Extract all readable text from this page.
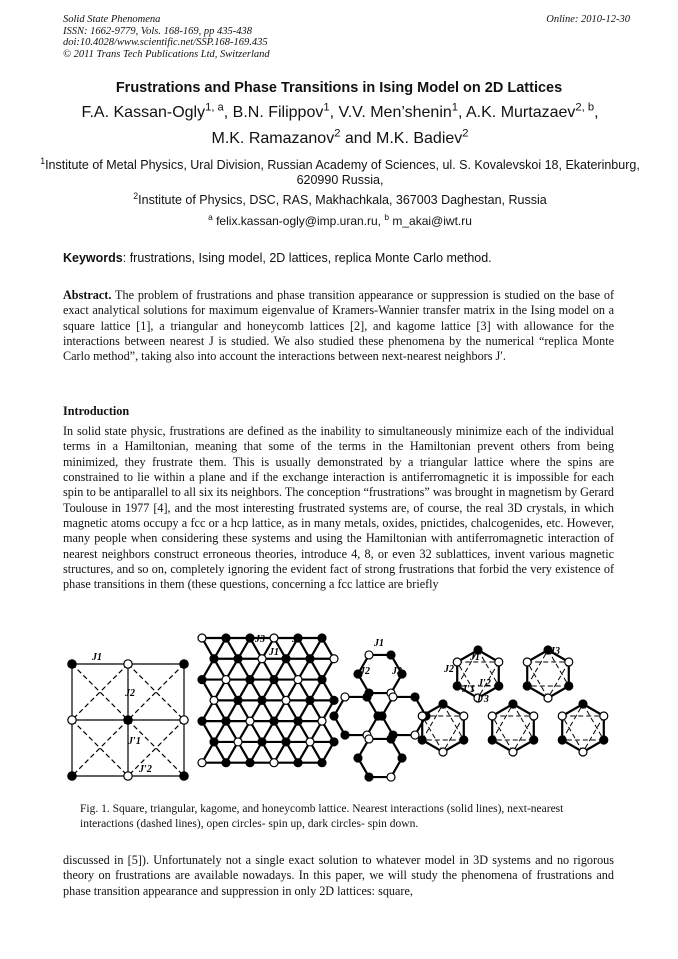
Solid State Phenomena
ISSN: 1662-9779, Vols. 168-169, pp 435-438
doi:10.4028/www.scientific.net/SSP.168-169.435
© 2011 Trans Tech Publications Ltd, Switzerland
Online: 2010-12-30
Frustrations and Phase Transitions in Ising Model on 2D Lattices
F.A. Kassan-Ogly$^{1, a}$, B.N. Filippov$^1$, V.V. Men’shenin$^1$, A.K. Murtazaev$^{2, b}$,
M.K. Ramazanov$^2$ and M.K. Badiev$^2$
$^1$Institute of Metal Physics, Ural Division, Russian Academy of Sciences, ul. S. Kovalevskoi 18, Ekaterinburg, 620990 Russia,
$^2$Institute of Physics, DSC, RAS, Makhachkala, 367003 Daghestan, Russia
$^a$ felix.kassan-ogly@imp.uran.ru, $^b$ m_akai@iwt.ru
Keywords: frustrations, Ising model, 2D lattices, replica Monte Carlo method.
Abstract. The problem of frustrations and phase transition appearance or suppression is studied on the base of exact analytical solutions for maximum eigenvalue of Kramers-Wannier transfer matrix in the Ising model on a square lattice [1], a triangular and honeycomb lattices [2], and kagome lattice [3] with allowance for the interactions between nearest J is studied. We also studied these phenomena by the numerical “replica Monte Carlo method”, taking also into account the interactions between next-nearest neighbors J′.
Introduction
In solid state physic, frustrations are defined as the inability to simultaneously minimize each of the individual terms in a Hamiltonian, meaning that some of the terms in the Hamiltonian prevent others from being minimized, they frustrate them. This is usually demonstrated by a triangular lattice where the spins are constrained to lie within a plane and if the exchange interaction is antiferromagnetic it is impossible for each spin to be antiparallel to all six its neighbors. The conception “frustrations” was brought in magnetism by Gerard Toulouse in 1977 [4], and the most interesting frustrated systems are, of course, the real 3D crystals, in which magnetic atoms occupy a fcc or a hcp lattice, as in many metals, oxides, pnictides, chalcogenides, etc. However, many people when considering these systems and using the Hamiltonian with antiferromagnetic interaction of nearest neighbors construct erroneous theories, introduce 4, 8, or even 32 sublattices, invent various magnetic structures, and so on, completely ignoring the evident fact of strong frustrations that forbid the very existence of phase transitions in them (these questions, concerning a fcc lattice are briefly
J1
J2
J′1
J′2
J3	J2
J1
J1
J2 J3
J1
J2
J3
J′1
J′2
J′3
Fig. 1. Square, triangular, kagome, and honeycomb lattice. Nearest interactions (solid lines), next-nearest interactions (dashed lines), open circles- spin up, dark circles- spin down.
discussed in [5]). Unfortunately not a single exact solution to whatever model in 3D systems and no rigorous theory on frustrations are available nowadays. In this paper, we will study the phenomena of frustrations and phase transition appearance and suppression in only 2D lattices: square,
